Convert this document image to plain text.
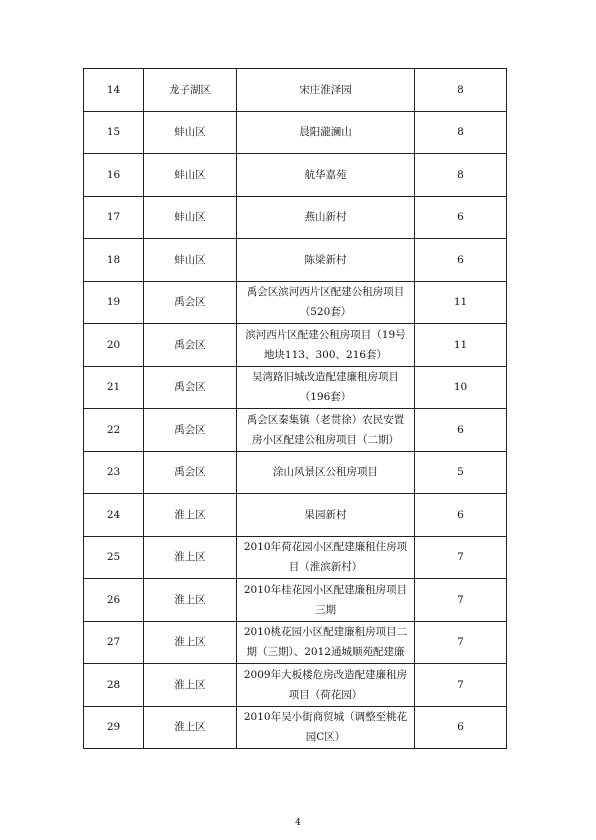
14	龙子湖区	宋庄淮泽园	8
15	蚌山区	晨阳瀧澜山	8
16	蚌山区	航华嘉苑	8
17	蚌山区	燕山新村	6
18	蚌山区	陈梁新村	6
19	禹会区	禹会区滨河西片区配建公租房项目（520套）	11
20	禹会区	滨河西片区配建公租房项目（19号地块113、300、216套）	11
21	禹会区	吴湾路旧城改造配建廉租房项目（196套）	10
22	禹会区	禹会区秦集镇（老贯徐）农民安置房小区配建公租房项目（二期）	6
23	禹会区	涂山风景区公租房项目	5
24	淮上区	果园新村	6
25	淮上区	2010年荷花园小区配建廉租住房项目（淮滨新村）	7
26	淮上区	2010年桂花园小区配建廉租房项目三期	7
27	淮上区	2010桃花园小区配建廉租房项目二期（三期）、2012通城顺苑配建廉	7
28	淮上区	2009年大板楼危房改造配建廉租房项目（荷花园）	7
29	淮上区	2010年吴小街商贸城（调整至桃花园C区）	6
4
